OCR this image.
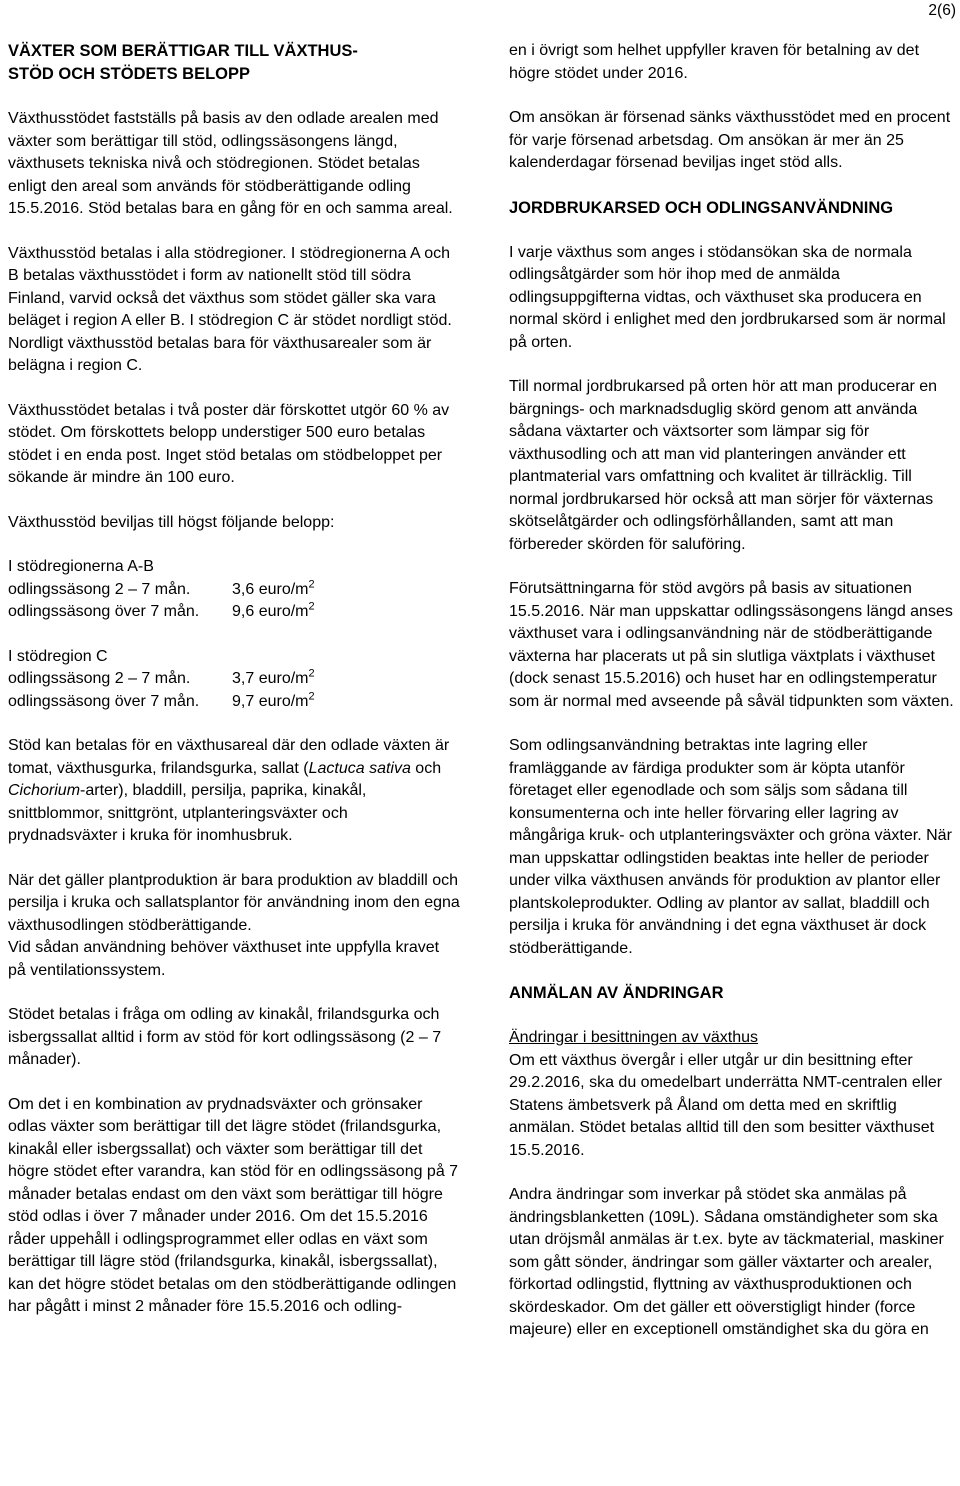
2(6)
VÄXTER SOM BERÄTTIGAR TILL VÄXTHUS-
STÖD OCH STÖDETS BELOPP

Växthusstödet fastställs på basis av den odlade arealen med växter som berättigar till stöd, odlingssäsongens längd, växthusets tekniska nivå och stödregionen. Stödet betalas enligt den areal som används för stödberättigande odling 15.5.2016. Stöd betalas bara en gång för en och samma areal.

Växthusstöd betalas i alla stödregioner. I stödregionerna A och B betalas växthusstödet i form av nationellt stöd till södra Finland, varvid också det växthus som stödet gäller ska vara beläget i region A eller B. I stödregion C är stödet nordligt stöd. Nordligt växthusstöd betalas bara för växthusarealer som är belägna i region C.

Växthusstödet betalas i två poster där förskottet utgör 60 % av stödet. Om förskottets belopp understiger 500 euro betalas stödet i en enda post. Inget stöd betalas om stödbeloppet per sökande är mindre än 100 euro.

Växthusstöd beviljas till högst följande belopp:

I stödregionerna A-B
odlingssäsong 2 – 7 mån.	3,6 euro/$m^2$
odlingssäsong över 7 mån.	9,6 euro/$m^2$
I stödregion C
odlingssäsong 2 – 7 mån.	3,7 euro/$m^2$
odlingssäsong över 7 mån.	9,7 euro/$m^2$

Stöd kan betalas för en växthusareal där den odlade växten är tomat, växthusgurka, frilandsgurka, sallat (Lactuca sativa och Cichorium-arter), bladdill, persilja, paprika, kinakål, snittblommor, snittgrönt, utplanteringsväxter och prydnadsväxter i kruka för inomhusbruk.

När det gäller plantproduktion är bara produktion av bladdill och persilja i kruka och sallatsplantor för användning inom den egna växthusodlingen stödberättigande.

Vid sådan användning behöver växthuset inte uppfylla kravet på ventilationssystem.

Stödet betalas i fråga om odling av kinakål, frilandsgurka och isbergssallat alltid i form av stöd för kort odlingssäsong (2 – 7 månader).

Om det i en kombination av prydnadsväxter och grönsaker odlas växter som berättigar till det lägre stödet (frilandsgurka, kinakål eller isbergssallat) och växter som berättigar till det högre stödet efter varandra, kan stöd för en odlingssäsong på 7 månader betalas endast om den växt som berättigar till högre stöd odlas i över 7 månader under 2016. Om det 15.5.2016 råder uppehåll i odlingsprogrammet eller odlas en växt som berättigar till lägre stöd (frilandsgurka, kinakål, isbergssallat), kan det högre stödet betalas om den stödberättigande odlingen har pågått i minst 2 månader före 15.5.2016 och odling-

en i övrigt som helhet uppfyller kraven för betalning av det högre stödet under 2016.

Om ansökan är försenad sänks växthusstödet med en procent för varje försenad arbetsdag. Om ansökan är mer än 25 kalenderdagar försenad beviljas inget stöd alls.

JORDBRUKARSED OCH ODLINGSANVÄNDNING

I varje växthus som anges i stödansökan ska de normala odlingsåtgärder som hör ihop med de anmälda odlingsuppgifterna vidtas, och växthuset ska producera en normal skörd i enlighet med den jordbrukarsed som är normal på orten.

Till normal jordbrukarsed på orten hör att man producerar en bärgnings- och marknadsduglig skörd genom att använda sådana växtarter och växtsorter som lämpar sig för växthusodling och att man vid planteringen använder ett plantmaterial vars omfattning och kvalitet är tillräcklig. Till normal jordbrukarsed hör också att man sörjer för växternas skötselåtgärder och odlingsförhållanden, samt att man förbereder skörden för saluföring.

Förutsättningarna för stöd avgörs på basis av situationen 15.5.2016. När man uppskattar odlingssäsongens längd anses växthuset vara i odlingsanvändning när de stödberättigande växterna har placerats ut på sin slutliga växtplats i växthuset (dock senast 15.5.2016) och huset har en odlingstemperatur som är normal med avseende på såväl tidpunkten som växten.

Som odlingsanvändning betraktas inte lagring eller framläggande av färdiga produkter som är köpta utanför företaget eller egenodlade och som säljs som sådana till konsumenterna och inte heller förvaring eller lagring av mångåriga kruk- och utplanteringsväxter och gröna växter. När man uppskattar odlingstiden beaktas inte heller de perioder under vilka växthusen används för produktion av plantor eller plantskoleprodukter. Odling av plantor av sallat, bladdill och persilja i kruka för användning i det egna växthuset är dock stödberättigande.

ANMÄLAN AV ÄNDRINGAR
Ändringar i besittningen av växthus

Om ett växthus övergår i eller utgår ur din besittning efter 29.2.2016, ska du omedelbart underrätta NMT-centralen eller Statens ämbetsverk på Åland om detta med en skriftlig anmälan. Stödet betalas alltid till den som besitter växthuset 15.5.2016.

Andra ändringar som inverkar på stödet ska anmälas på ändringsblanketten (109L). Sådana omständigheter som ska utan dröjsmål anmälas är t.ex. byte av täckmaterial, maskiner som gått sönder, ändringar som gäller växtarter och arealer, förkortad odlingstid, flyttning av växthusproduktionen och skördeskador. Om det gäller ett oöverstigligt hinder (force majeure) eller en exceptionell omständighet ska du göra en
